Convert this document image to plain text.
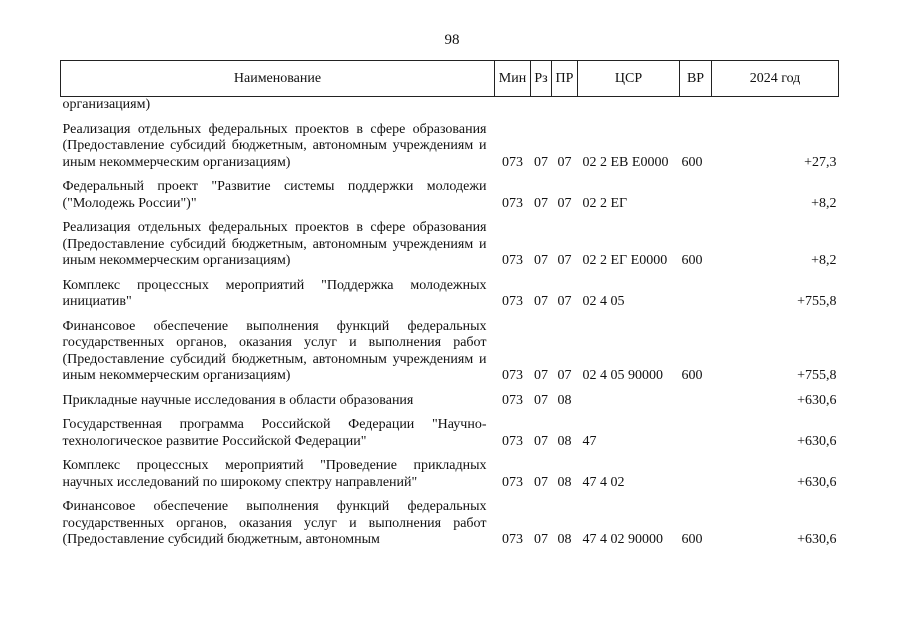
98
Наименование	Мин	Рз	ПР	ЦСР	ВР	2024 год
организациям)						
Реализация отдельных федеральных проектов в сфере образования (Предоставление субсидий бюджетным, автономным учреждениям и иным некоммерческим организациям)	073	07	07	02 2 EВ E0000	600	+27,3
Федеральный проект "Развитие системы поддержки молодежи ("Молодежь России")"	073	07	07	02 2 EГ		+8,2
Реализация отдельных федеральных проектов в сфере образования (Предоставление субсидий бюджетным, автономным учреждениям и иным некоммерческим организациям)	073	07	07	02 2 EГ E0000	600	+8,2
Комплекс процессных мероприятий "Поддержка молодежных инициатив"	073	07	07	02 4 05		+755,8
Финансовое обеспечение выполнения функций федеральных государственных органов, оказания услуг и выполнения работ (Предоставление субсидий бюджетным, автономным учреждениям и иным некоммерческим организациям)	073	07	07	02 4 05 90000	600	+755,8
Прикладные научные исследования в области образования	073	07	08			+630,6
Государственная программа Российской Федерации "Научно-технологическое развитие Российской Федерации"	073	07	08	47		+630,6
Комплекс процессных мероприятий "Проведение прикладных научных исследований по широкому спектру направлений"	073	07	08	47 4 02		+630,6
Финансовое обеспечение выполнения функций федеральных государственных органов, оказания услуг и выполнения работ (Предоставление субсидий бюджетным, автономным	073	07	08	47 4 02 90000	600	+630,6
